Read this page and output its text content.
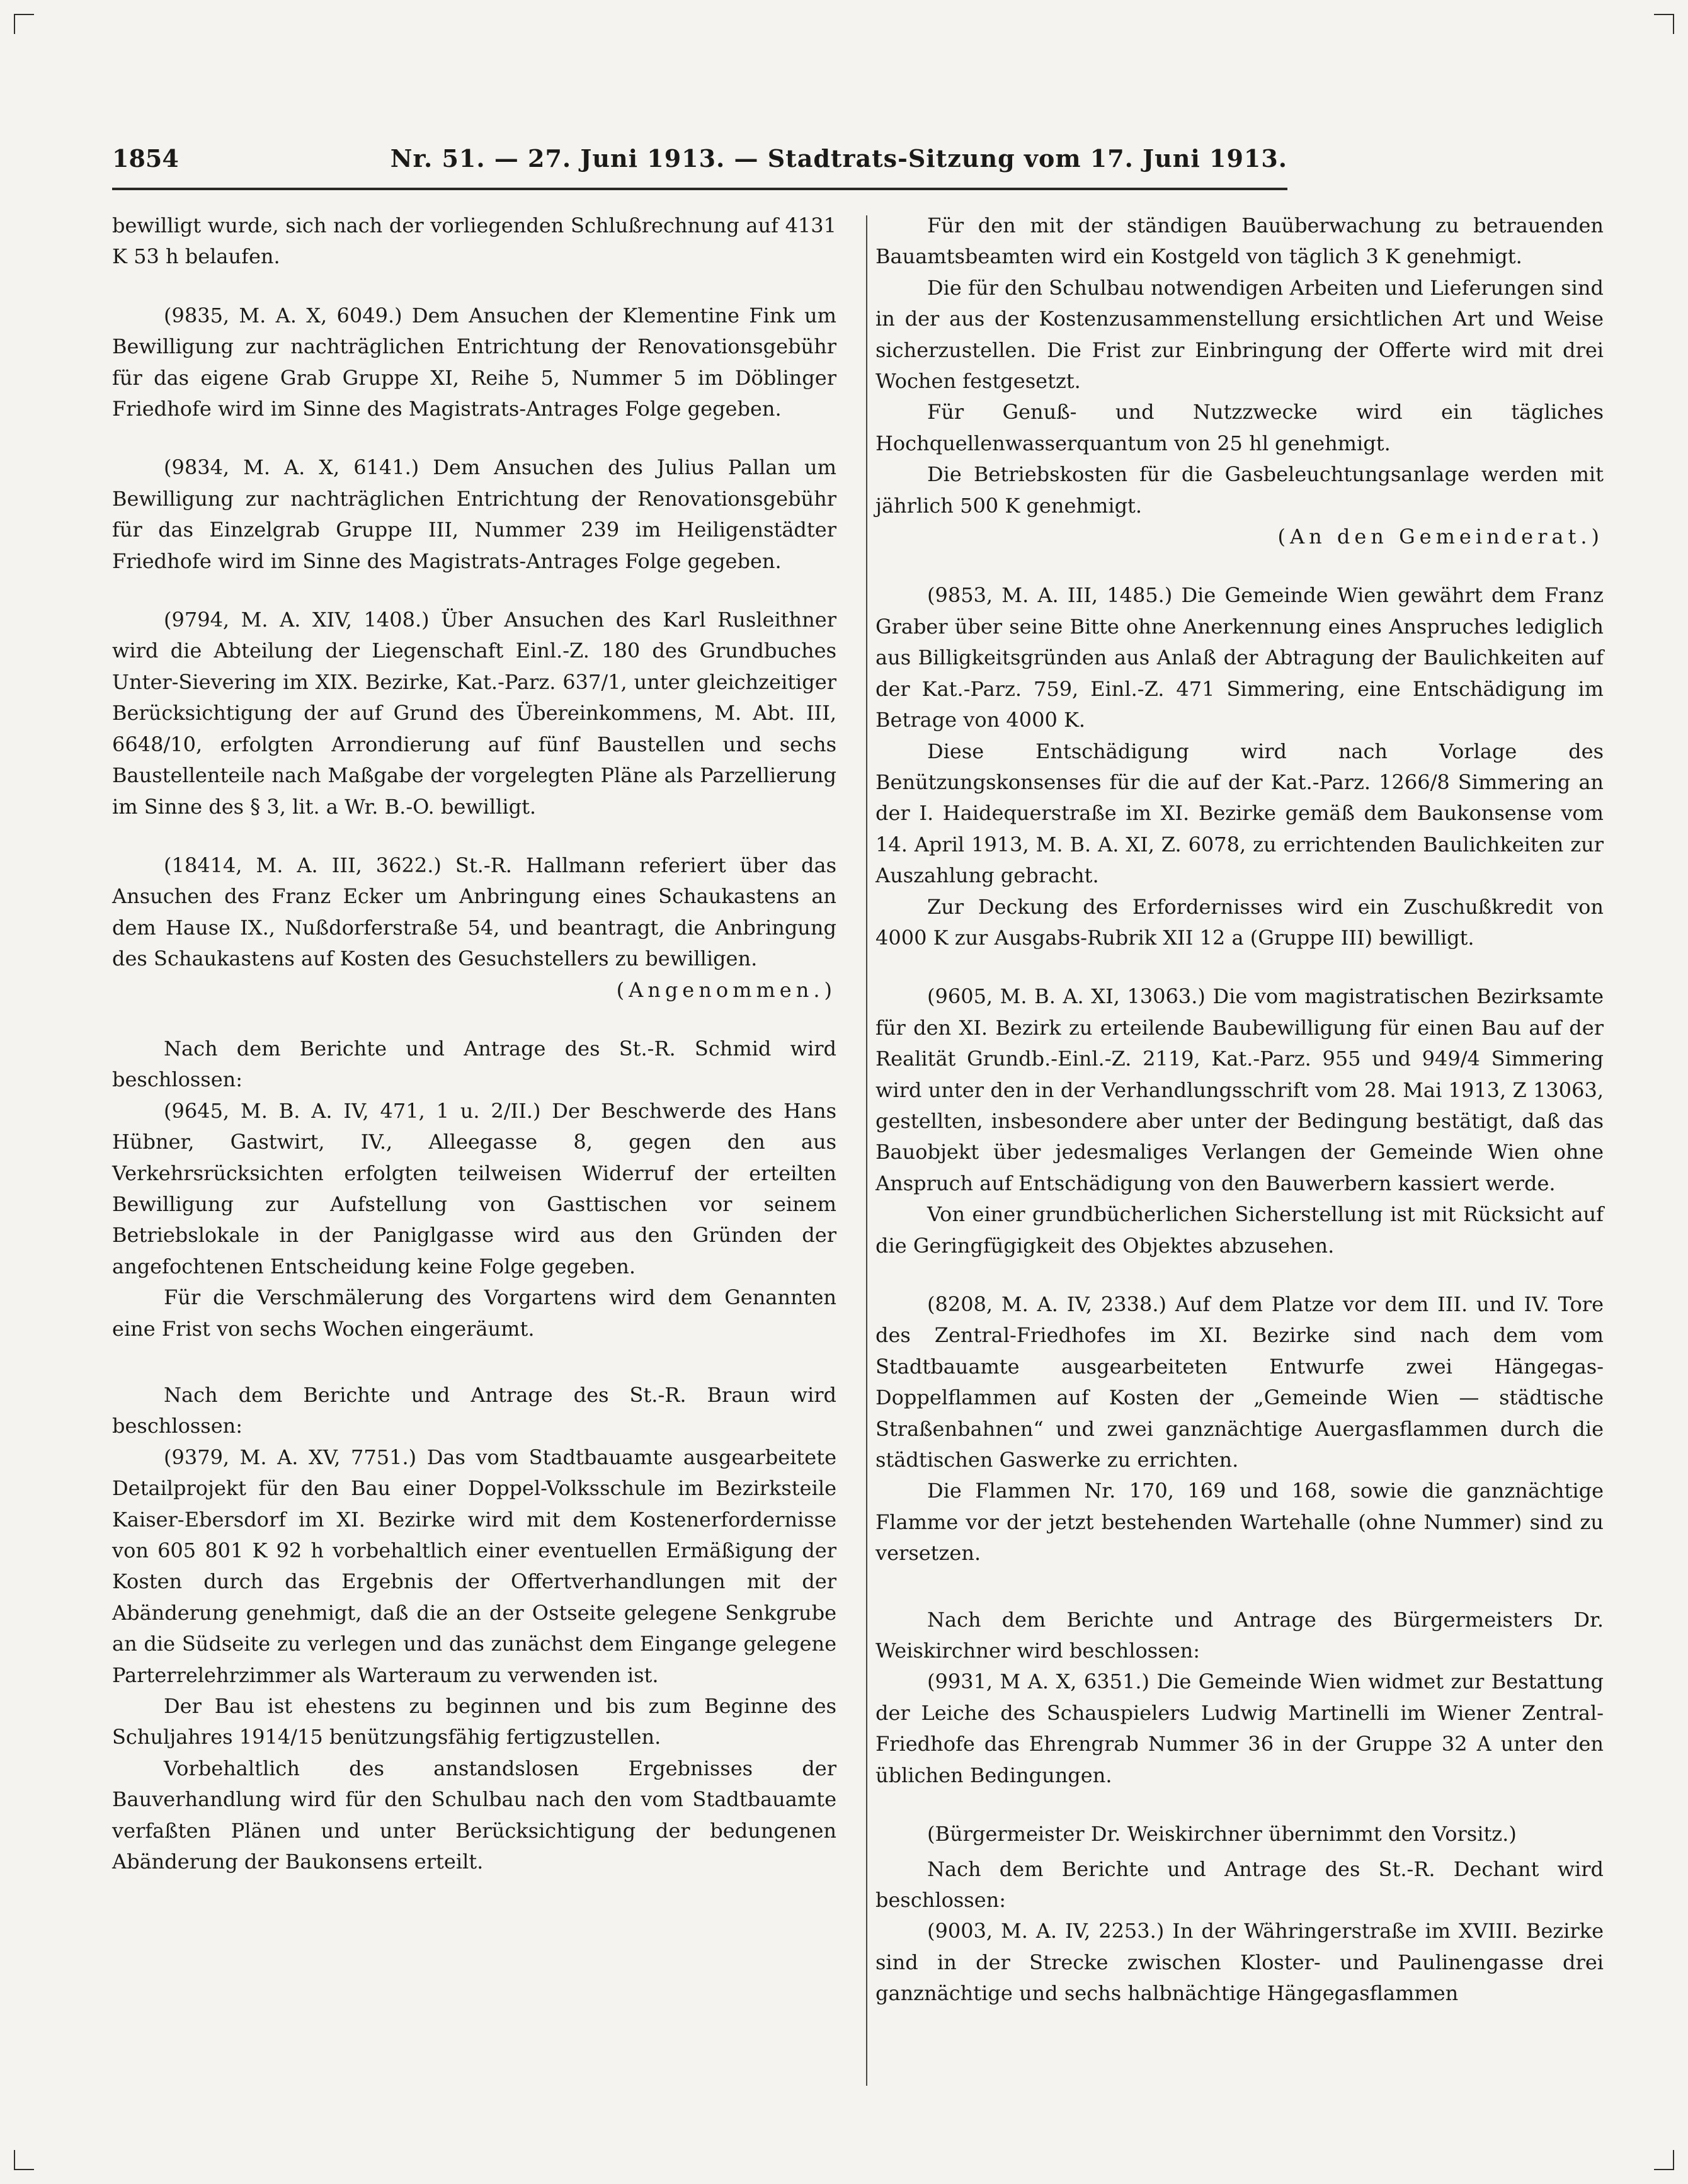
1854	Nr. 51. — 27. Juni 1913. — Stadtrats-Sitzung vom 17. Juni 1913.

bewilligt wurde, sich nach der vorliegenden Schlußrechnung auf 4131 K 53 h belaufen.

(9835, M. A. X, 6049.) Dem Ansuchen der Klementine Fink um Bewilligung zur nachträglichen Entrichtung der Renovationsgebühr für das eigene Grab Gruppe XI, Reihe 5, Nummer 5 im Döblinger Friedhofe wird im Sinne des Magistrats-Antrages Folge gegeben.

(9834, M. A. X, 6141.) Dem Ansuchen des Julius Pallan um Bewilligung zur nachträglichen Entrichtung der Renovationsgebühr für das Einzelgrab Gruppe III, Nummer 239 im Heiligenstädter Friedhofe wird im Sinne des Magistrats-Antrages Folge gegeben.

(9794, M. A. XIV, 1408.) Über Ansuchen des Karl Rusleithner wird die Abteilung der Liegenschaft Einl.-Z. 180 des Grundbuches Unter-Sievering im XIX. Bezirke, Kat.-Parz. 637/1, unter gleichzeitiger Berücksichtigung der auf Grund des Übereinkommens, M. Abt. III, 6648/10, erfolgten Arrondierung auf fünf Baustellen und sechs Baustellenteile nach Maßgabe der vorgelegten Pläne als Parzellierung im Sinne des § 3, lit. a Wr. B.-O. bewilligt.

(18414, M. A. III, 3622.) St.-R. Hallmann referiert über das Ansuchen des Franz Ecker um Anbringung eines Schaukastens an dem Hause IX., Nußdorferstraße 54, und beantragt, die Anbringung des Schaukastens auf Kosten des Gesuchstellers zu bewilligen.

(Angenommen.)

Nach dem Berichte und Antrage des St.-R. Schmid wird beschlossen:

(9645, M. B. A. IV, 471, 1 u. 2/II.) Der Beschwerde des Hans Hübner, Gastwirt, IV., Alleegasse 8, gegen den aus Verkehrsrücksichten erfolgten teilweisen Widerruf der erteilten Bewilligung zur Aufstellung von Gasttischen vor seinem Betriebslokale in der Paniglgasse wird aus den Gründen der angefochtenen Entscheidung keine Folge gegeben.

Für die Verschmälerung des Vorgartens wird dem Genannten eine Frist von sechs Wochen eingeräumt.

Nach dem Berichte und Antrage des St.-R. Braun wird beschlossen:

(9379, M. A. XV, 7751.) Das vom Stadtbauamte ausgearbeitete Detailprojekt für den Bau einer Doppel-Volksschule im Bezirksteile Kaiser-Ebersdorf im XI. Bezirke wird mit dem Kostenerfordernisse von 605 801 K 92 h vorbehaltlich einer eventuellen Ermäßigung der Kosten durch das Ergebnis der Offertverhandlungen mit der Abänderung genehmigt, daß die an der Ostseite gelegene Senkgrube an die Südseite zu verlegen und das zunächst dem Eingange gelegene Parterrelehrzimmer als Warteraum zu verwenden ist.

Der Bau ist ehestens zu beginnen und bis zum Beginne des Schuljahres 1914/15 benützungsfähig fertigzustellen.

Vorbehaltlich des anstandslosen Ergebnisses der Bauverhandlung wird für den Schulbau nach den vom Stadtbauamte verfaßten Plänen und unter Berücksichtigung der bedungenen Abänderung der Baukonsens erteilt.

Für den mit der ständigen Bauüberwachung zu betrauenden Bauamtsbeamten wird ein Kostgeld von täglich 3 K genehmigt.

Die für den Schulbau notwendigen Arbeiten und Lieferungen sind in der aus der Kostenzusammenstellung ersichtlichen Art und Weise sicherzustellen. Die Frist zur Einbringung der Offerte wird mit drei Wochen festgesetzt.

Für Genuß- und Nutzzwecke wird ein tägliches Hochquellenwasserquantum von 25 hl genehmigt.

Die Betriebskosten für die Gasbeleuchtungsanlage werden mit jährlich 500 K genehmigt.

(An den Gemeinderat.)

(9853, M. A. III, 1485.) Die Gemeinde Wien gewährt dem Franz Graber über seine Bitte ohne Anerkennung eines Anspruches lediglich aus Billigkeitsgründen aus Anlaß der Abtragung der Baulichkeiten auf der Kat.-Parz. 759, Einl.-Z. 471 Simmering, eine Entschädigung im Betrage von 4000 K.

Diese Entschädigung wird nach Vorlage des Benützungskonsenses für die auf der Kat.-Parz. 1266/8 Simmering an der I. Haidequerstraße im XI. Bezirke gemäß dem Baukonsense vom 14. April 1913, M. B. A. XI, Z. 6078, zu errichtenden Baulichkeiten zur Auszahlung gebracht.

Zur Deckung des Erfordernisses wird ein Zuschußkredit von 4000 K zur Ausgabs-Rubrik XII 12 a (Gruppe III) bewilligt.

(9605, M. B. A. XI, 13063.) Die vom magistratischen Bezirksamte für den XI. Bezirk zu erteilende Baubewilligung für einen Bau auf der Realität Grundb.-Einl.-Z. 2119, Kat.-Parz. 955 und 949/4 Simmering wird unter den in der Verhandlungsschrift vom 28. Mai 1913, Z 13063, gestellten, insbesondere aber unter der Bedingung bestätigt, daß das Bauobjekt über jedesmaliges Verlangen der Gemeinde Wien ohne Anspruch auf Entschädigung von den Bauwerbern kassiert werde.

Von einer grundbücherlichen Sicherstellung ist mit Rücksicht auf die Geringfügigkeit des Objektes abzusehen.

(8208, M. A. IV, 2338.) Auf dem Platze vor dem III. und IV. Tore des Zentral-Friedhofes im XI. Bezirke sind nach dem vom Stadtbauamte ausgearbeiteten Entwurfe zwei Hängegas-Doppelflammen auf Kosten der „Gemeinde Wien — städtische Straßenbahnen“ und zwei ganznächtige Auergasflammen durch die städtischen Gaswerke zu errichten.

Die Flammen Nr. 170, 169 und 168, sowie die ganznächtige Flamme vor der jetzt bestehenden Wartehalle (ohne Nummer) sind zu versetzen.

Nach dem Berichte und Antrage des Bürgermeisters Dr. Weiskirchner wird beschlossen:

(9931, M A. X, 6351.) Die Gemeinde Wien widmet zur Bestattung der Leiche des Schauspielers Ludwig Martinelli im Wiener Zentral-Friedhofe das Ehrengrab Nummer 36 in der Gruppe 32 A unter den üblichen Bedingungen.

(Bürgermeister Dr. Weiskirchner übernimmt den Vorsitz.)

Nach dem Berichte und Antrage des St.-R. Dechant wird beschlossen:

(9003, M. A. IV, 2253.) In der Währingerstraße im XVIII. Bezirke sind in der Strecke zwischen Kloster- und Paulinengasse drei ganznächtige und sechs halbnächtige Hängegasflammen
